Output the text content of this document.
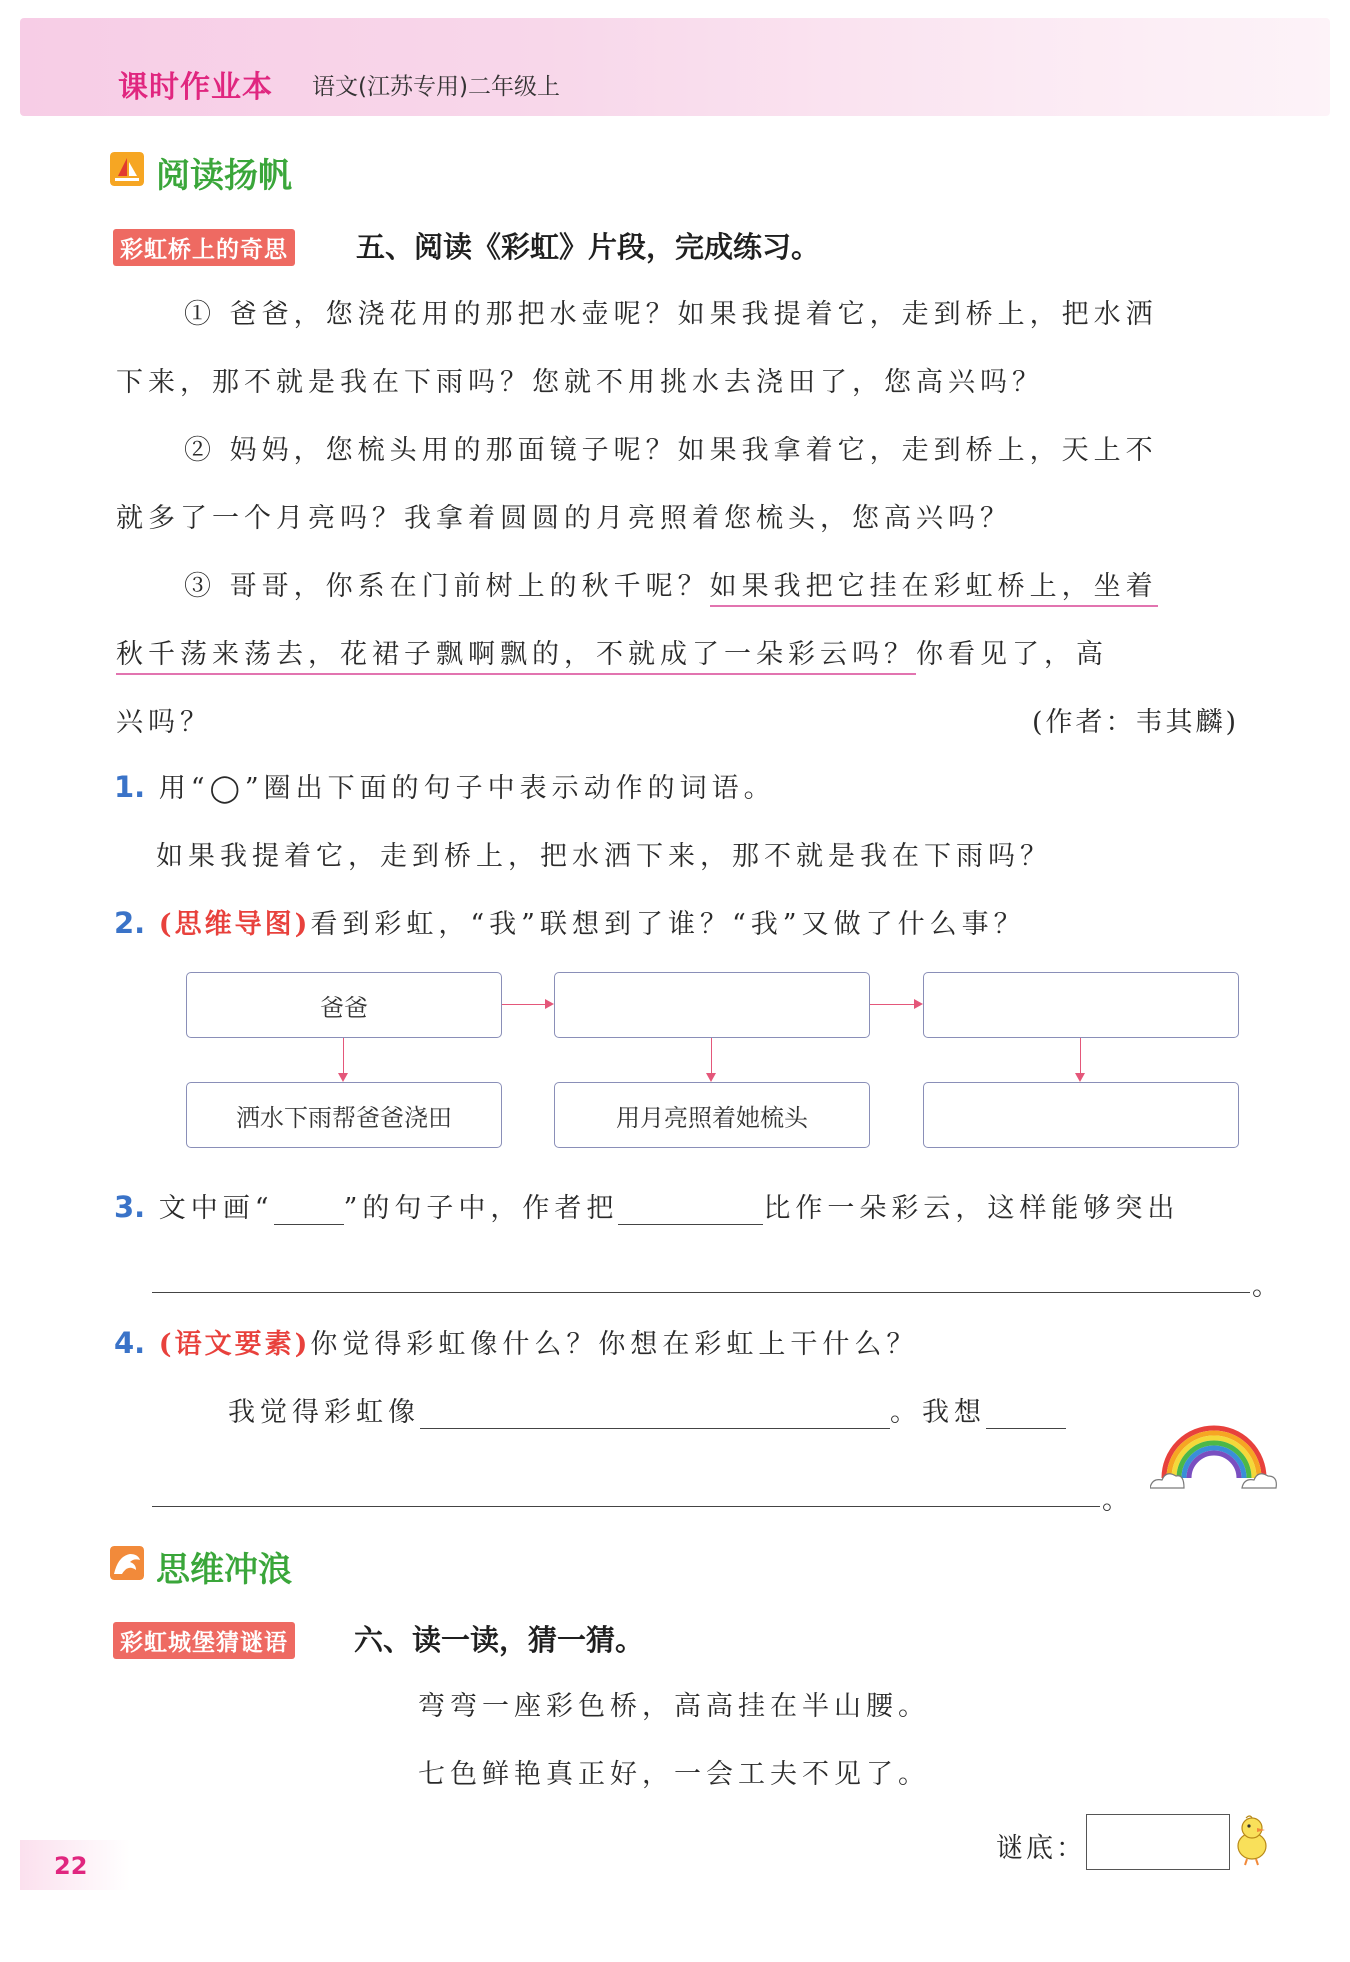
课时作业本 语文(江苏专用)二年级上
阅读扬帆
彩虹桥上的奇思 五、阅读《彩虹》片段，完成练习。
① 爸爸，您浇花用的那把水壶呢？如果我提着它，走到桥上，把水洒
下来，那不就是我在下雨吗？您就不用挑水去浇田了，您高兴吗？
② 妈妈，您梳头用的那面镜子呢？如果我拿着它，走到桥上，天上不
就多了一个月亮吗？我拿着圆圆的月亮照着您梳头，您高兴吗？
③ 哥哥，你系在门前树上的秋千呢？如果我把它挂在彩虹桥上，坐着
秋千荡来荡去，花裙子飘啊飘的，不就成了一朵彩云吗？你看见了，高
兴吗？	(作者：韦其麟)
1. 用“◯”圈出下面的句子中表示动作的词语。
如果我提着它，走到桥上，把水洒下来，那不就是我在下雨吗？
2. (思维导图)看到彩虹，“我”联想到了谁？“我”又做了什么事？
爸爸
洒水下雨帮爸爸浇田	用月亮照着她梳头
3. 文中画“	”的句子中，作者把	比作一朵彩云，这样能够突出
。
4. (语文要素)你觉得彩虹像什么？你想在彩虹上干什么？
我觉得彩虹像	。我想
。
思维冲浪
彩虹城堡猜谜语 六、读一读，猜一猜。
弯弯一座彩色桥，高高挂在半山腰。
七色鲜艳真正好，一会工夫不见了。
谜底：
22
